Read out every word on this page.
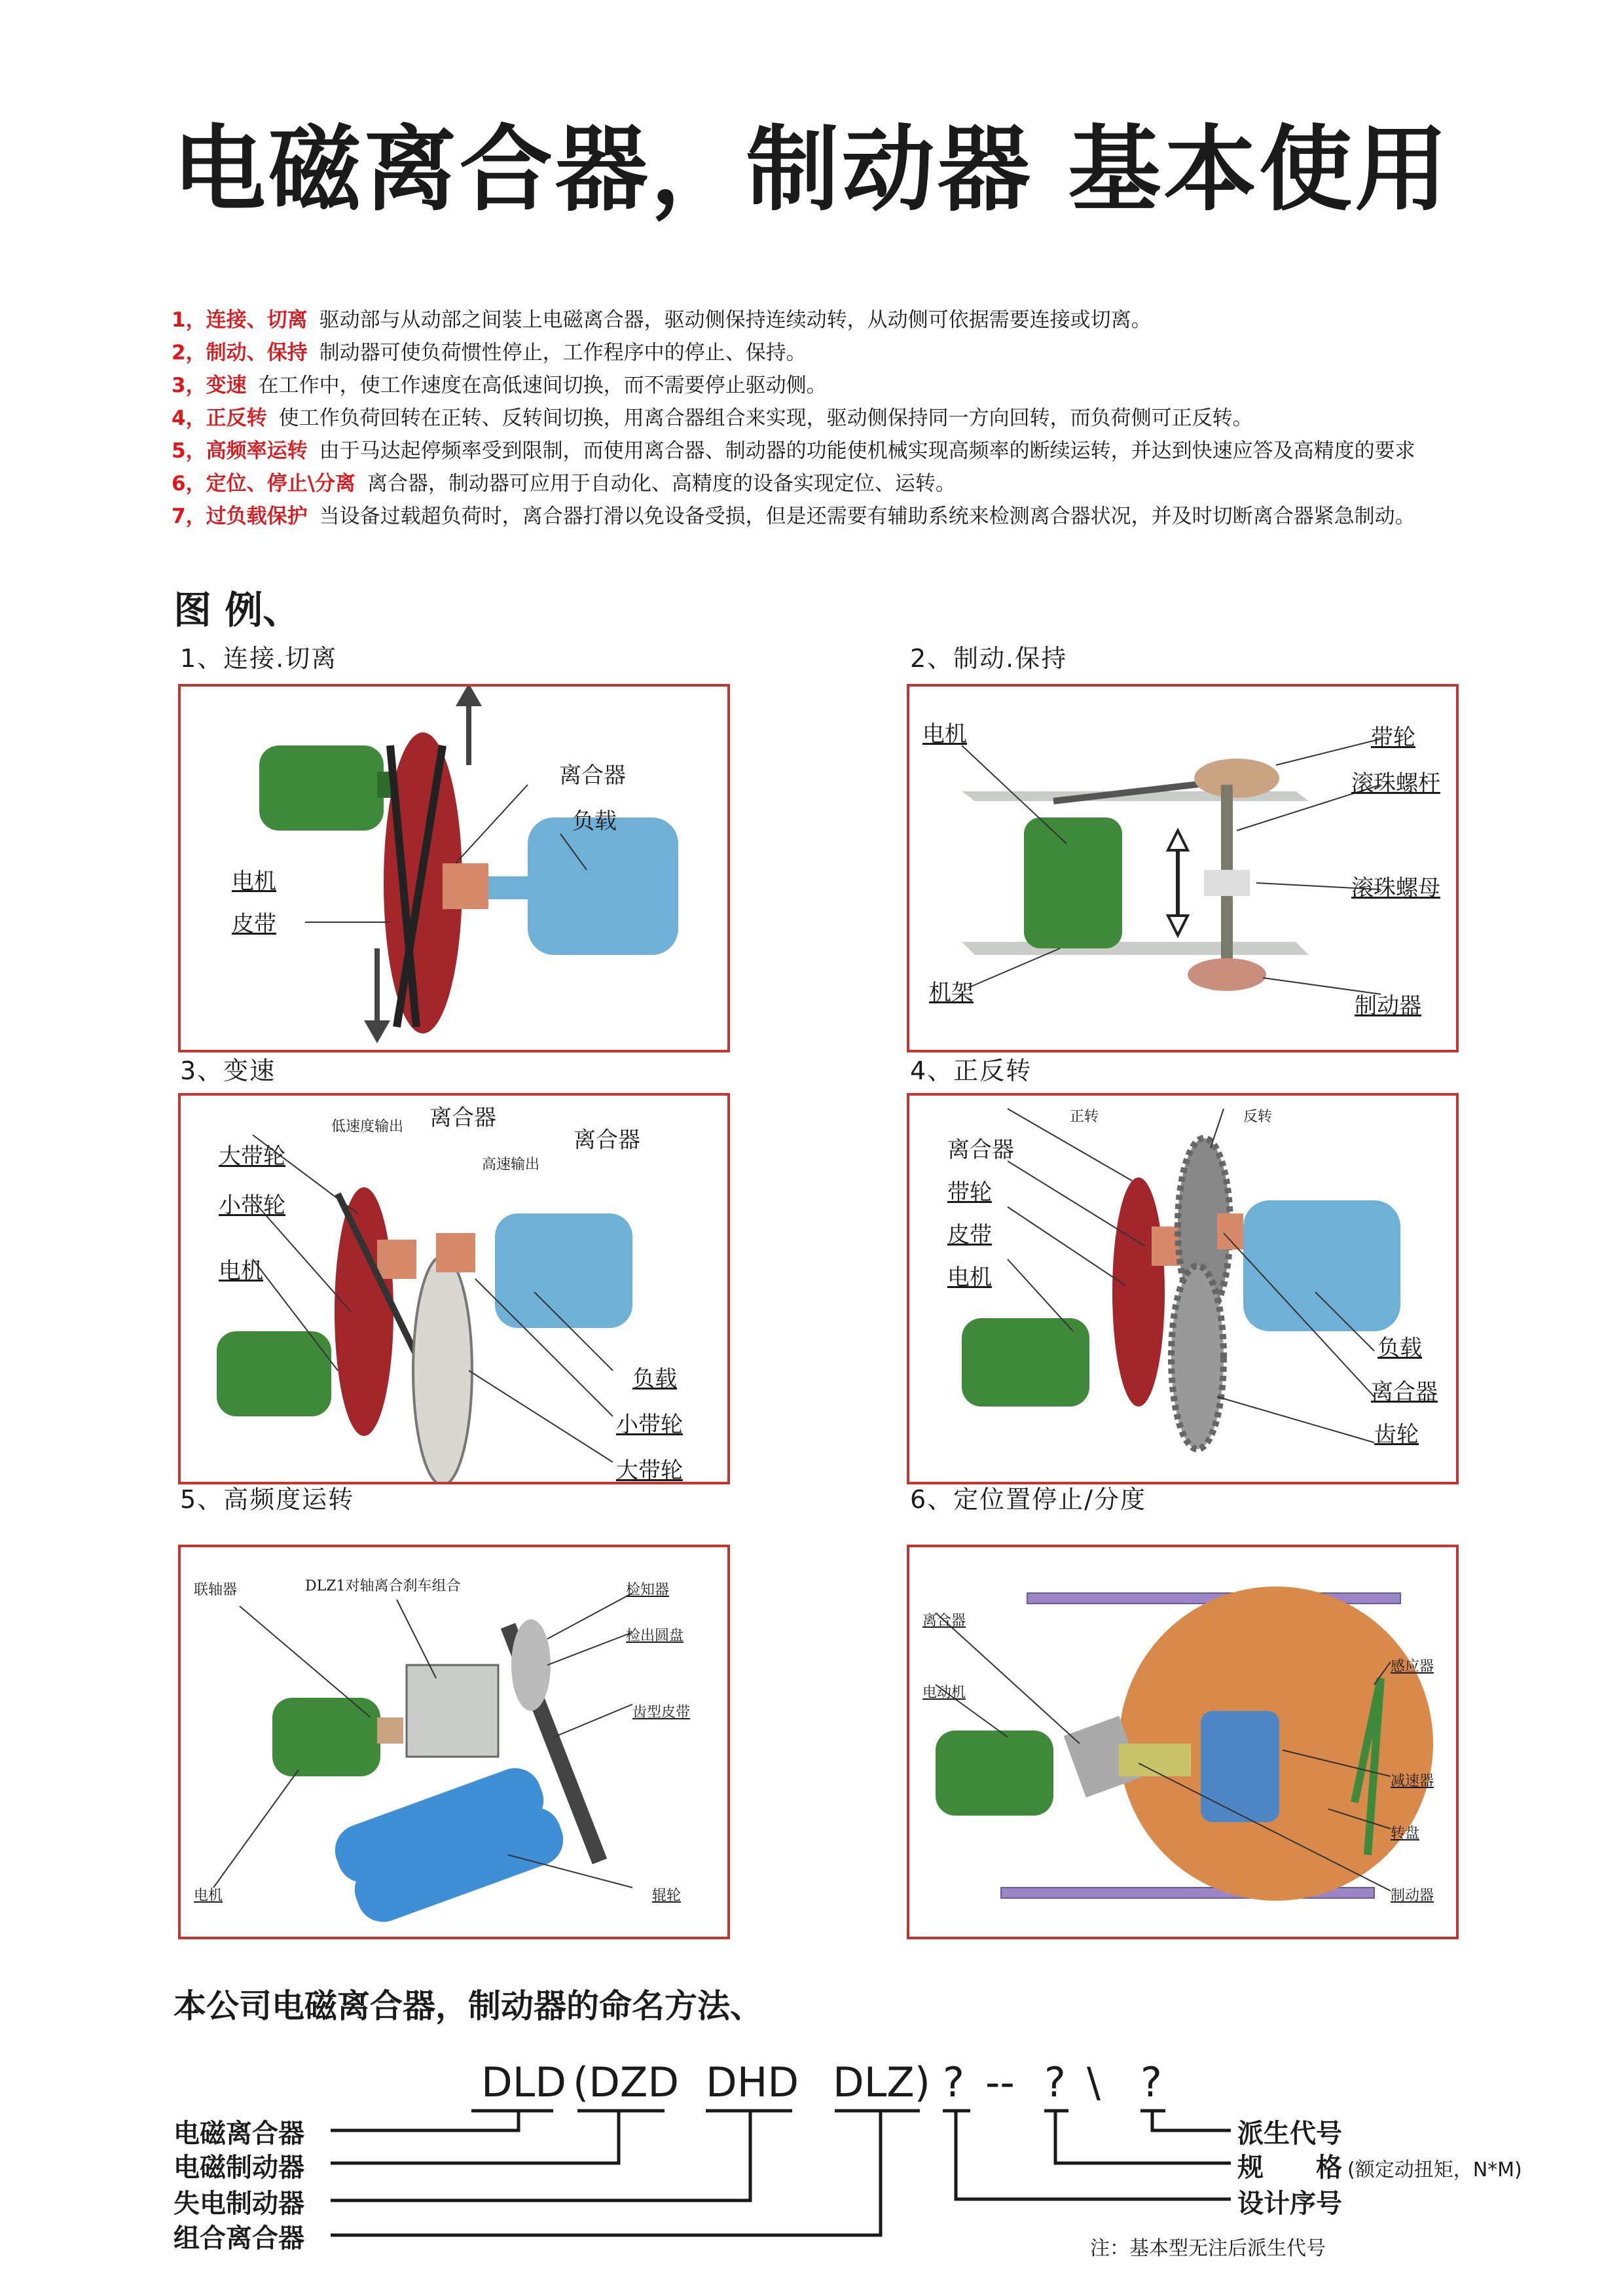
电磁离合器，制动器 基本使用
1，连接、切离 驱动部与从动部之间装上电磁离合器，驱动侧保持连续动转，从动侧可依据需要连接或切离。
2，制动、保持 制动器可使负荷惯性停止，工作程序中的停止、保持。
3，变速 在工作中，使工作速度在高低速间切换，而不需要停止驱动侧。
4，正反转 使工作负荷回转在正转、反转间切换，用离合器组合来实现，驱动侧保持同一方向回转，而负荷侧可正反转。
5，高频率运转 由于马达起停频率受到限制，而使用离合器、制动器的功能使机械实现高频率的断续运转，并达到快速应答及高精度的要求
6，定位、停止\分离 离合器，制动器可应用于自动化、高精度的设备实现定位、运转。
7，过负载保护 当设备过载超负荷时，离合器打滑以免设备受损，但是还需要有辅助系统来检测离合器状况，并及时切断离合器紧急制动。
图 例、
1、连接.切离
离合器
负载
电机
皮带
2、制动.保持
电机	带轮
滚珠螺杆
滚珠螺母
机架	制动器
3、变速
低速度输出 离合器
高速输出
离合器
大带轮
小带轮
电机
负载
小带轮
大带轮
4、正反转
正转	反转
离合器
带轮
皮带
电机
负载
离合器
齿轮
5、高频度运转
联轴器	DLZ1对轴离合刹车组合	检知器
检出圆盘
齿型皮带
电机	辊轮
6、定位置停止/分度
离合器
电动机
感应器
减速器
转盘
制动器
本公司电磁离合器，制动器的命名方法、
DLD (DZD DHD DLZ) ? -- ? \ ?
电磁离合器
电磁制动器
失电制动器
组合离合器
派生代号
规 格 (额定动扭矩，N*M)
设计序号
注：基本型无注后派生代号
